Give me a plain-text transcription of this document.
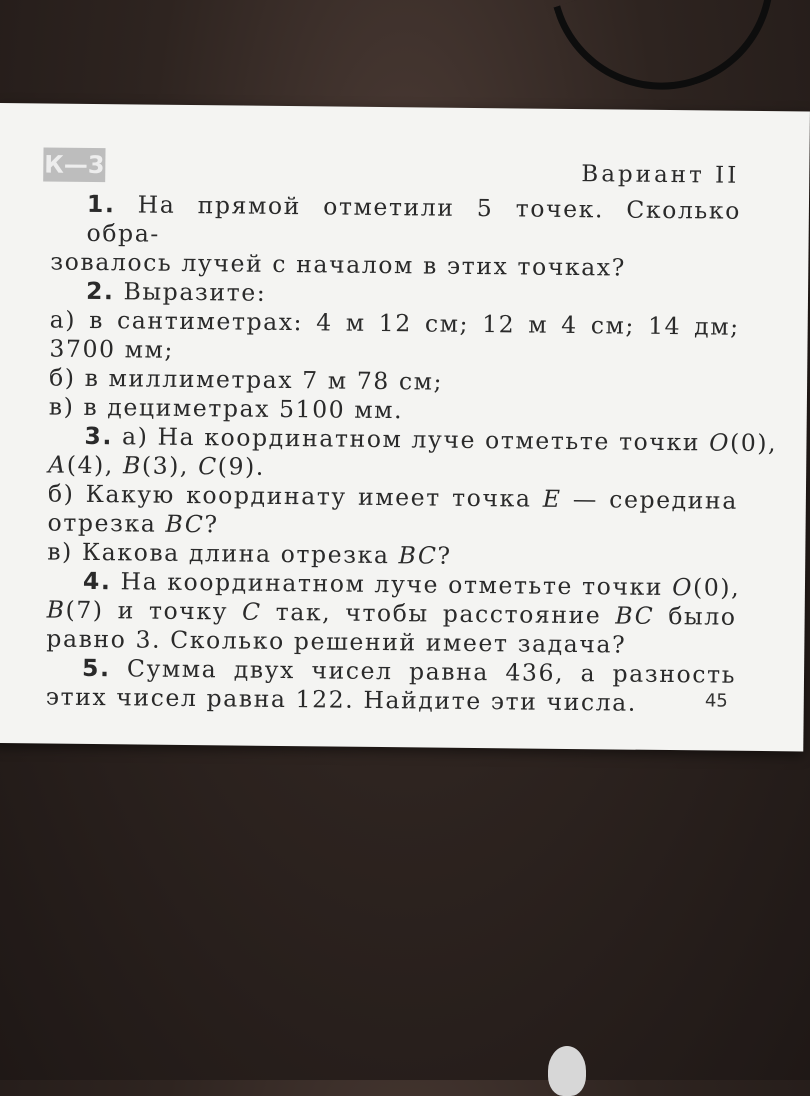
К—3	Вариант II
1. На прямой отметили 5 точек. Сколько обра-
зовалось лучей с началом в этих точках?
2. Выразите:
а) в сантиметрах: 4 м 12 см; 12 м 4 см; 14 дм;
3700 мм;
б) в миллиметрах 7 м 78 см;
в) в дециметрах 5100 мм.
3. а) На координатном луче отметьте точки O(0),
A(4), B(3), C(9).
б) Какую координату имеет точка E — середина
отрезка BC?
в) Какова длина отрезка BC?
4. На координатном луче отметьте точки O(0),
B(7) и точку C так, чтобы расстояние BC было
равно 3. Сколько решений имеет задача?
5. Сумма двух чисел равна 436, а разность
этих чисел равна 122. Найдите эти числа.	45
